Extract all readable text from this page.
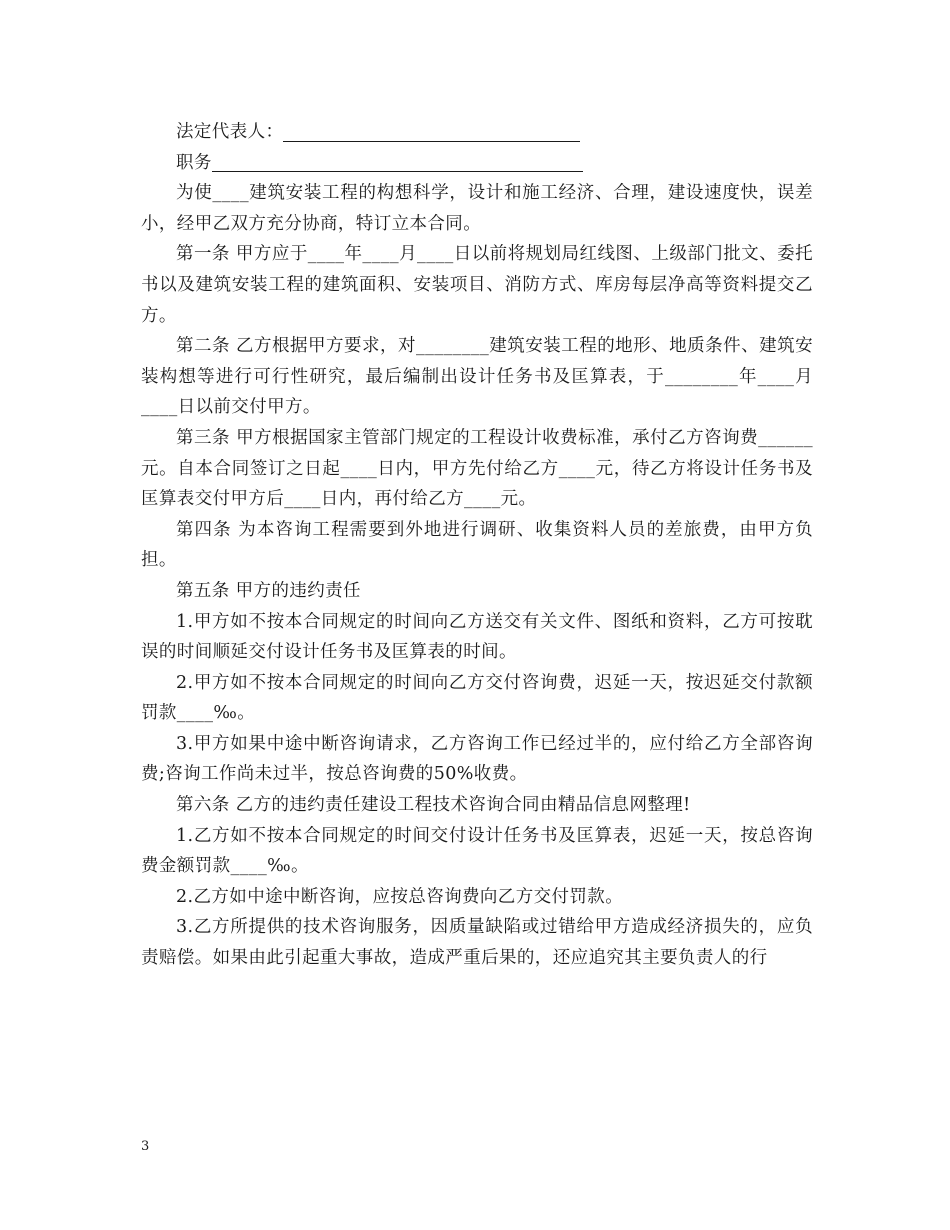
法定代表人：

职务

为使____建筑安装工程的构想科学，设计和施工经济、合理，建设速度快，误差小，经甲乙双方充分协商，特订立本合同。

第一条 甲方应于____年____月____日以前将规划局红线图、上级部门批文、委托书以及建筑安装工程的建筑面积、安装项目、消防方式、库房每层净高等资料提交乙方。

第二条 乙方根据甲方要求，对________建筑安装工程的地形、地质条件、建筑安装构想等进行可行性研究，最后编制出设计任务书及匡算表，于________年____月____日以前交付甲方。

第三条 甲方根据国家主管部门规定的工程设计收费标准，承付乙方咨询费______ 元。自本合同签订之日起____日内，甲方先付给乙方____元，待乙方将设计任务书及匡算表交付甲方后____日内，再付给乙方____元。

第四条 为本咨询工程需要到外地进行调研、收集资料人员的差旅费，由甲方负担。

第五条 甲方的违约责任

1.甲方如不按本合同规定的时间向乙方送交有关文件、图纸和资料，乙方可按耽误的时间顺延交付设计任务书及匡算表的时间。

2.甲方如不按本合同规定的时间向乙方交付咨询费，迟延一天，按迟延交付款额罚款____‰。

3.甲方如果中途中断咨询请求，乙方咨询工作已经过半的，应付给乙方全部咨询费;咨询工作尚未过半，按总咨询费的50%收费。

第六条 乙方的违约责任建设工程技术咨询合同由精品信息网整理!

1.乙方如不按本合同规定的时间交付设计任务书及匡算表，迟延一天，按总咨询费金额罚款____‰。

2.乙方如中途中断咨询，应按总咨询费向乙方交付罚款。

3.乙方所提供的技术咨询服务，因质量缺陷或过错给甲方造成经济损失的，应负责赔偿。如果由此引起重大事故，造成严重后果的，还应追究其主要负责人的行

3
